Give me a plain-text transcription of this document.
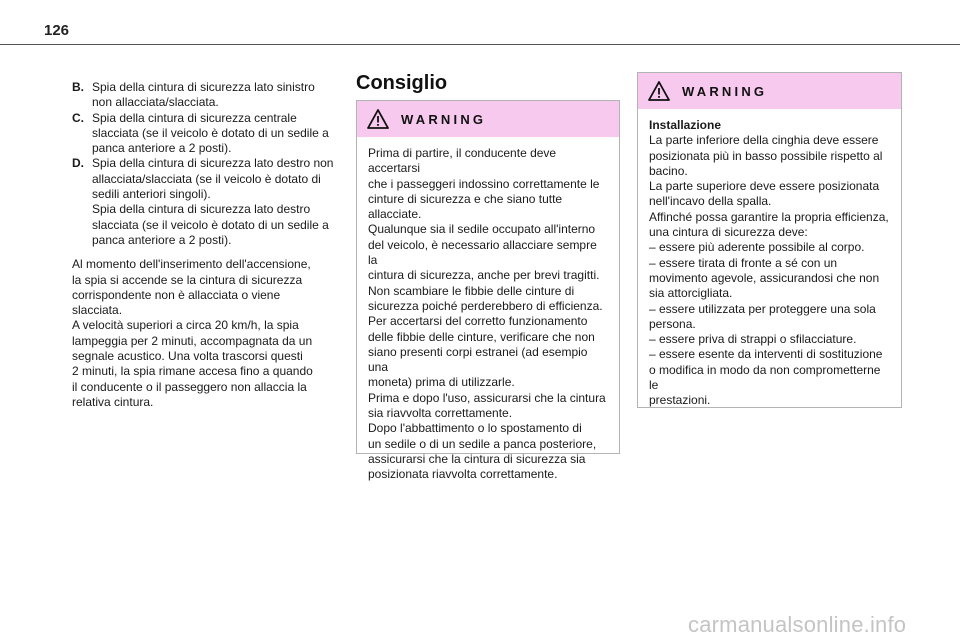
126
B. Spia della cintura di sicurezza lato sinistro

non allacciata/slacciata.

C. Spia della cintura di sicurezza centrale

slacciata (se il veicolo è dotato di un sedile a

panca anteriore a 2 posti).

D. Spia della cintura di sicurezza lato destro non

allacciata/slacciata (se il veicolo è dotato di

sedili anteriori singoli).

Spia della cintura di sicurezza lato destro

slacciata (se il veicolo è dotato di un sedile a

panca anteriore a 2 posti).

Al momento dell'inserimento dell'accensione,

la spia si accende se la cintura di sicurezza

corrispondente non è allacciata o viene

slacciata.

A velocità superiori a circa 20 km/h, la spia

lampeggia per 2 minuti, accompagnata da un

segnale acustico. Una volta trascorsi questi

2 minuti, la spia rimane accesa fino a quando

il conducente o il passeggero non allaccia la

relativa cintura.

Consiglio
WARNING

Prima di partire, il conducente deve accertarsi

che i passeggeri indossino correttamente le

cinture di sicurezza e che siano tutte

allacciate.

Qualunque sia il sedile occupato all'interno

del veicolo, è necessario allacciare sempre la

cintura di sicurezza, anche per brevi tragitti.

Non scambiare le fibbie delle cinture di

sicurezza poiché perderebbero di efficienza.

Per accertarsi del corretto funzionamento

delle fibbie delle cinture, verificare che non

siano presenti corpi estranei (ad esempio una

moneta) prima di utilizzarle.

Prima e dopo l'uso, assicurarsi che la cintura

sia riavvolta correttamente.

Dopo l'abbattimento o lo spostamento di

un sedile o di un sedile a panca posteriore,

assicurarsi che la cintura di sicurezza sia

posizionata riavvolta correttamente.

WARNING

Installazione

La parte inferiore della cinghia deve essere

posizionata più in basso possibile rispetto al

bacino.

La parte superiore deve essere posizionata

nell'incavo della spalla.

Affinché possa garantire la propria efficienza,

una cintura di sicurezza deve:

– essere più aderente possibile al corpo.

– essere tirata di fronte a sé con un

movimento agevole, assicurandosi che non

sia attorcigliata.

– essere utilizzata per proteggere una sola

persona.

– essere priva di strappi o sfilacciature.

– essere esente da interventi di sostituzione

o modifica in modo da non comprometterne le

prestazioni.

carmanualsonline.info
